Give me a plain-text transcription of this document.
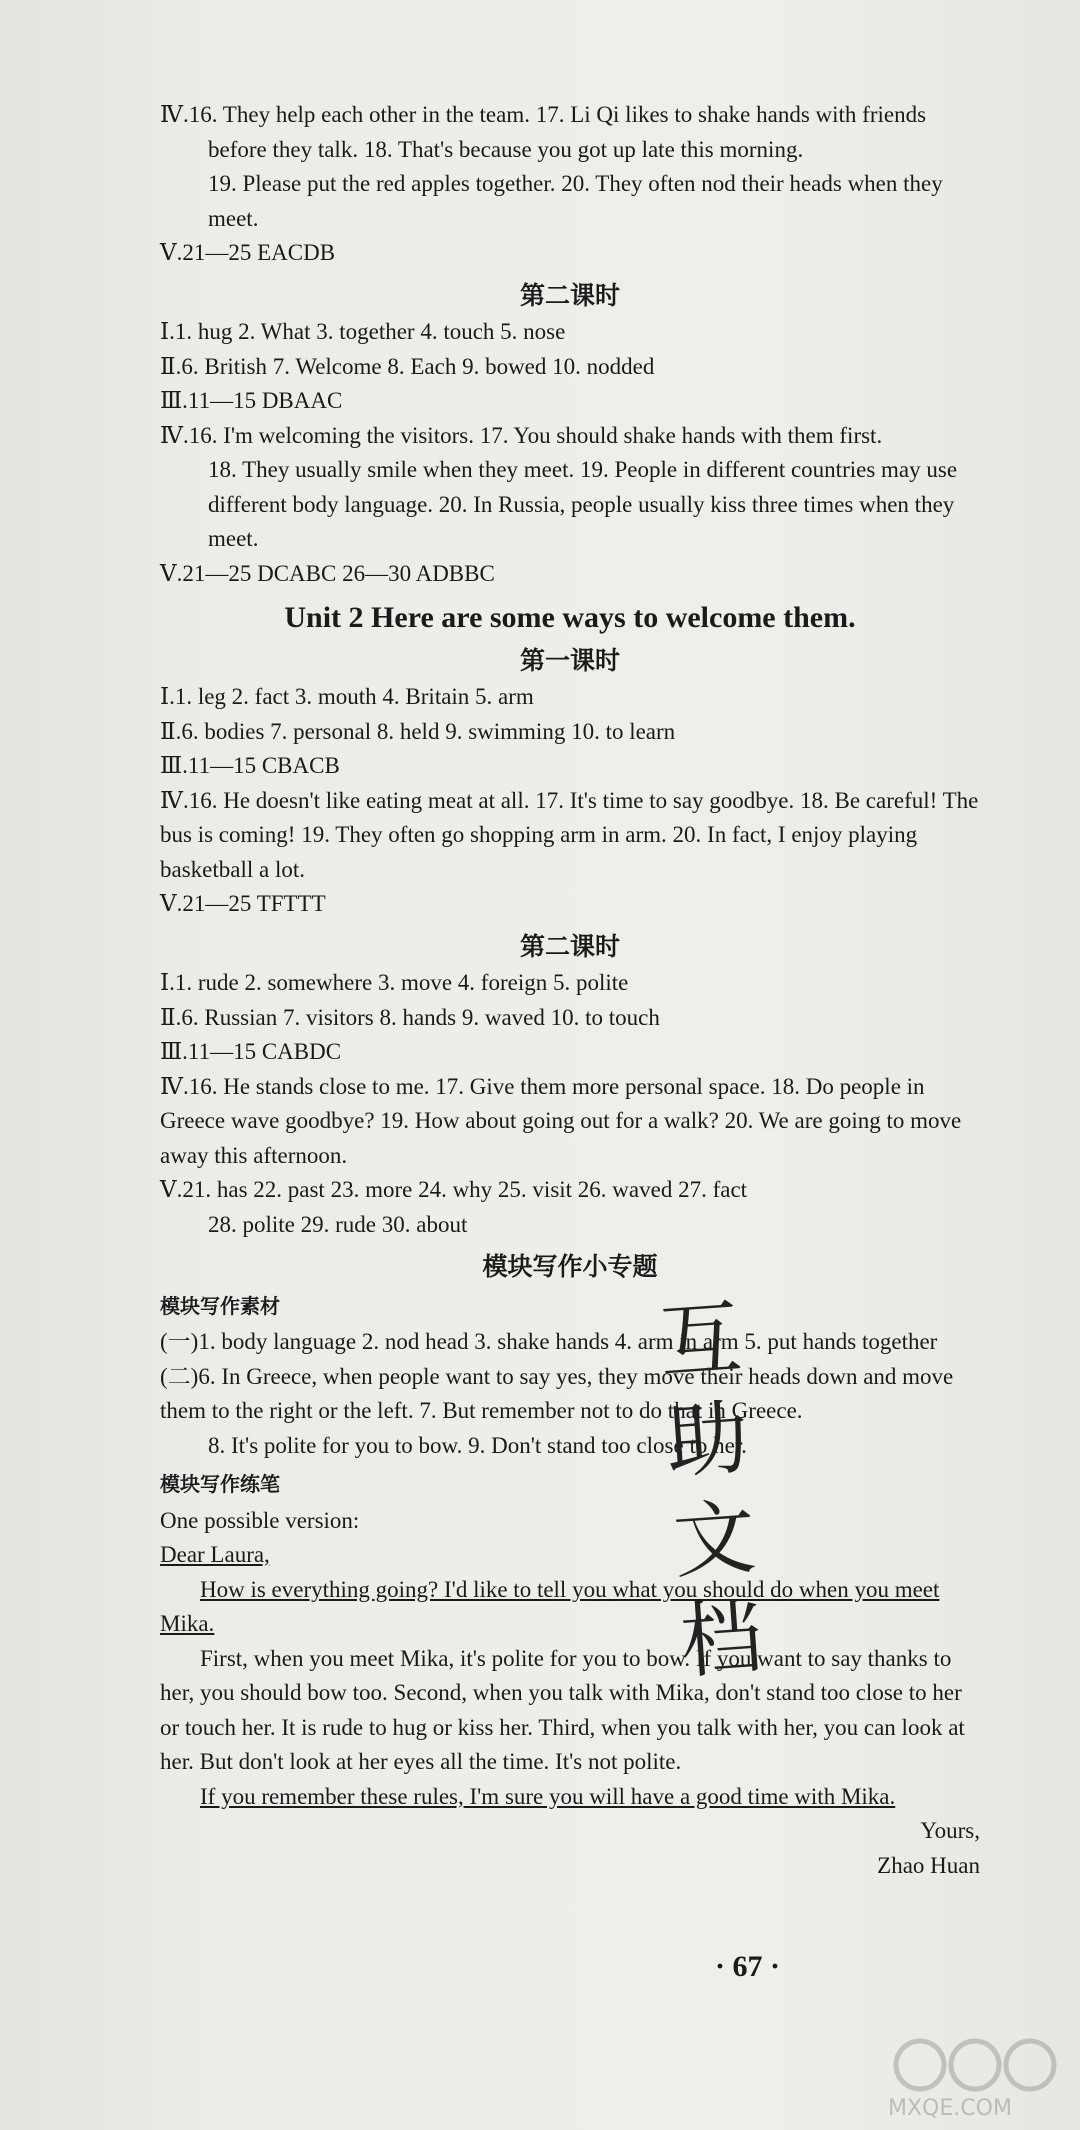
Ⅳ.16. They help each other in the team. 17. Li Qi likes to shake hands with friends before they talk. 18. That's because you got up late this morning.

19. Please put the red apples together. 20. They often nod their heads when they meet.

Ⅴ.21—25 EACDB

第二课时

Ⅰ.1. hug 2. What 3. together 4. touch 5. nose

Ⅱ.6. British 7. Welcome 8. Each 9. bowed 10. nodded

Ⅲ.11—15 DBAAC

Ⅳ.16. I'm welcoming the visitors. 17. You should shake hands with them first.

18. They usually smile when they meet. 19. People in different countries may use different body language. 20. In Russia, people usually kiss three times when they meet.

Ⅴ.21—25 DCABC 26—30 ADBBC

Unit 2 Here are some ways to welcome them.
第一课时

Ⅰ.1. leg 2. fact 3. mouth 4. Britain 5. arm

Ⅱ.6. bodies 7. personal 8. held 9. swimming 10. to learn

Ⅲ.11—15 CBACB

Ⅳ.16. He doesn't like eating meat at all. 17. It's time to say goodbye. 18. Be careful! The bus is coming! 19. They often go shopping arm in arm. 20. In fact, I enjoy playing basketball a lot.

Ⅴ.21—25 TFTTT

第二课时

Ⅰ.1. rude 2. somewhere 3. move 4. foreign 5. polite

Ⅱ.6. Russian 7. visitors 8. hands 9. waved 10. to touch

Ⅲ.11—15 CABDC

Ⅳ.16. He stands close to me. 17. Give them more personal space. 18. Do people in Greece wave goodbye? 19. How about going out for a walk? 20. We are going to move away this afternoon.

Ⅴ.21. has 22. past 23. more 24. why 25. visit 26. waved 27. fact

28. polite 29. rude 30. about

模块写作小专题
模块写作素材

(一)1. body language 2. nod head 3. shake hands 4. arm in arm 5. put hands together

(二)6. In Greece, when people want to say yes, they move their heads down and move them to the right or the left. 7. But remember not to do that in Greece.

8. It's polite for you to bow. 9. Don't stand too close to her.

模块写作练笔

One possible version:

Dear Laura,

How is everything going? I'd like to tell you what you should do when you meet Mika.

First, when you meet Mika, it's polite for you to bow. If you want to say thanks to her, you should bow too. Second, when you talk with Mika, don't stand too close to her or touch her. It is rude to hug or kiss her. Third, when you talk with her, you can look at her. But don't look at her eyes all the time. It's not polite.

If you remember these rules, I'm sure you will have a good time with Mika.

Yours,

Zhao Huan

互助文档
· 67 ·
MXQE.COM
